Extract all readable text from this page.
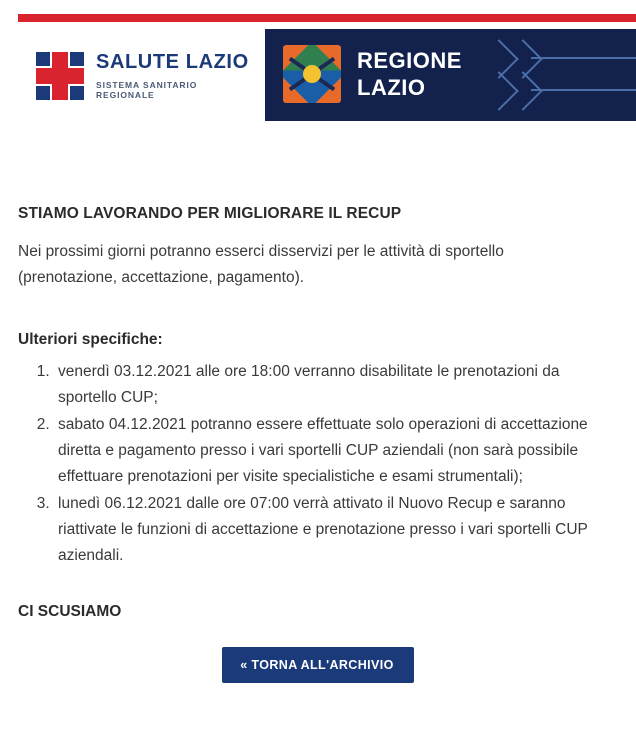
SALUTE LAZIO
SISTEMA SANITARIO REGIONALE
REGIONE
LAZIO
STIAMO LAVORANDO PER MIGLIORARE IL RECUP

Nei prossimi giorni potranno esserci disservizi per le attività di sportello (prenotazione, accettazione, pagamento).

Ulteriori specifiche:
1. venerdì 03.12.2021 alle ore 18:00 verranno disabilitate le prenotazioni da sportello CUP;
2. sabato 04.12.2021 potranno essere effettuate solo operazioni di accettazione diretta e pagamento presso i vari sportelli CUP aziendali (non sarà possibile effettuare prenotazioni per visite specialistiche e esami strumentali);
3. lunedì 06.12.2021 dalle ore 07:00 verrà attivato il Nuovo Recup e saranno riattivate le funzioni di accettazione e prenotazione presso i vari sportelli CUP aziendali.
CI SCUSIAMO
« TORNA ALL'ARCHIVIO
